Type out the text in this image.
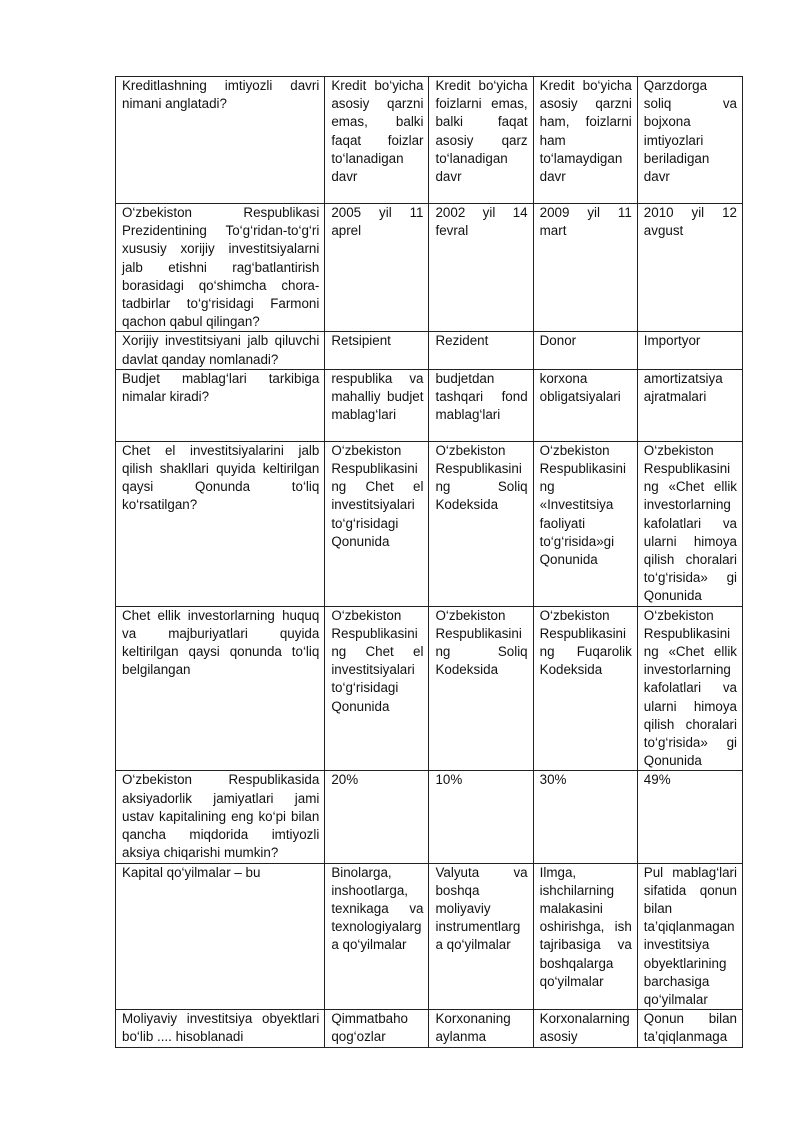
Kreditlashning imtiyozli davri nimani anglatadi?	Kredit bo‘yicha asosiy qarzni emas, balki faqat foizlar to‘lanadigan davr	Kredit bo‘yicha foizlarni emas, balki faqat asosiy qarz to‘lanadigan davr	Kredit bo‘yicha asosiy qarzni ham, foizlarni ham to‘lamaydigan davr	Qarzdorga soliq va bojxona imtiyozlari beriladigan davr
O‘zbekiston Respublikasi Prezidentining To‘g‘ridan-to‘g‘ri xususiy xorijiy investitsiyalarni jalb etishni rag‘batlantirish borasidagi qo‘shimcha chora-tadbirlar to‘g‘risidagi Farmoni qachon qabul qilingan?	2005 yil 11 aprel	2002 yil 14 fevral	2009 yil 11 mart	2010 yil 12 avgust
Xorijiy investitsiyani jalb qiluvchi davlat qanday nomlanadi?	Retsipient	Rezident	Donor	Importyor
Budjet mablag‘lari tarkibiga nimalar kiradi?	respublika va mahalliy budjet mablag‘lari	budjetdan tashqari fond mablag‘lari	korxona obligatsiyalari	amortizatsiya ajratmalari
Chet el investitsiyalarini jalb qilish shakllari quyida keltirilgan qaysi Qonunda to‘liq ko‘rsatilgan?	O‘zbekiston Respublikasining Chet el investitsiyalari to‘g‘risidagi Qonunida	O‘zbekiston Respublikasining Soliq Kodeksida	O‘zbekiston Respublikasining «Investitsiya faoliyati to‘g‘risida»gi Qonunida	O‘zbekiston Respublikasining «Chet ellik investorlarning kafolatlari va ularni himoya qilish choralari to‘g‘risida» gi Qonunida
Chet ellik investorlarning huquq va majburiyatlari quyida keltirilgan qaysi qonunda to‘liq belgilangan	O‘zbekiston Respublikasining Chet el investitsiyalari to‘g‘risidagi Qonunida	O‘zbekiston Respublikasining Soliq Kodeksida	O‘zbekiston Respublikasining Fuqarolik Kodeksida	O‘zbekiston Respublikasining «Chet ellik investorlarning kafolatlari va ularni himoya qilish choralari to‘g‘risida» gi Qonunida
O‘zbekiston Respublikasida aksiyadorlik jamiyatlari jami ustav kapitalining eng ko‘pi bilan qancha miqdorida imtiyozli aksiya chiqarishi mumkin?	20%	10%	30%	49%
Kapital qo‘yilmalar – bu	Binolarga, inshootlarga, texnikaga va texnologiyalarga qo‘yilmalar	Valyuta va boshqa moliyaviy instrumentlarga qo‘yilmalar	Ilmga, ishchilarning malakasini oshirishga, ish tajribasiga va boshqalarga qo‘yilmalar	Pul mablag‘lari sifatida qonun bilan ta’qiqlanmagan investitsiya obyektlarining barchasiga qo‘yilmalar
Moliyaviy investitsiya obyektlari bo‘lib .... hisoblanadi	Qimmatbaho qog‘ozlar	Korxonaning aylanma	Korxonalarning asosiy	Qonun bilan ta’qiqlanmaga
